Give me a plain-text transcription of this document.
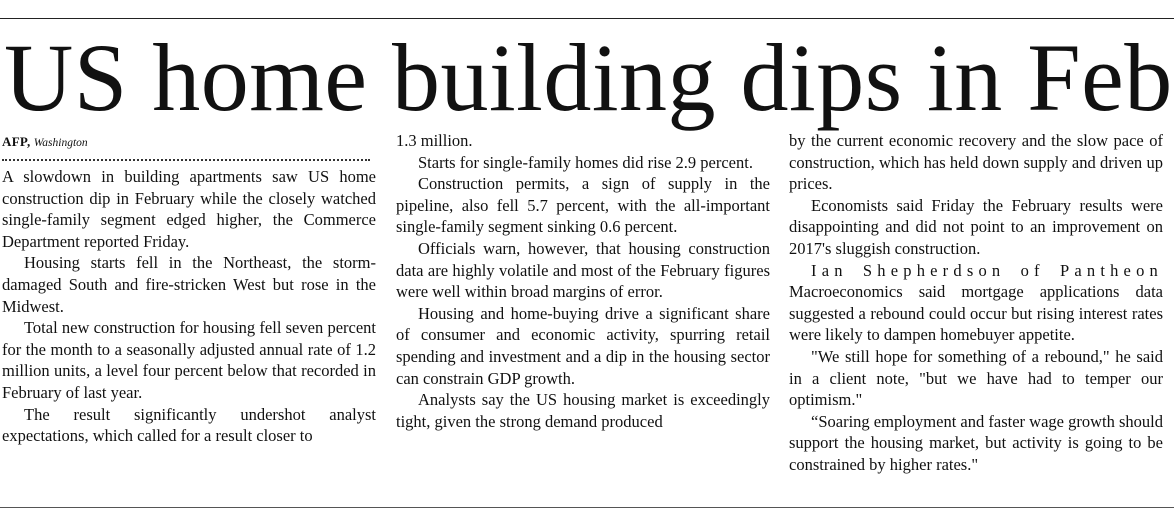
US home building dips in Feb
AFP, Washington

A slowdown in building apartments saw US home construction dip in February while the closely watched single-family segment edged higher, the Commerce Department reported Friday.

Housing starts fell in the Northeast, the storm-damaged South and fire-stricken West but rose in the Midwest.

Total new construction for housing fell seven percent for the month to a seasonally adjusted annual rate of 1.2 million units, a level four percent below that recorded in February of last year.

The result significantly undershot analyst expectations, which called for a result closer to

1.3 million.

Starts for single-family homes did rise 2.9 percent.

Construction permits, a sign of supply in the pipeline, also fell 5.7 percent, with the all-important single-family segment sinking 0.6 percent.

Officials warn, however, that housing construction data are highly volatile and most of the February figures were well within broad margins of error.

Housing and home-buying drive a significant share of consumer and economic activity, spurring retail spending and investment and a dip in the housing sector can constrain GDP growth.

Analysts say the US housing market is exceedingly tight, given the strong demand produced

by the current economic recovery and the slow pace of construction, which has held down supply and driven up prices.

Economists said Friday the February results were disappointing and did not point to an improvement on 2017's sluggish construction.

Ian Shepherdson of Pantheon

Macroeconomics said mortgage applications data suggested a rebound could occur but rising interest rates were likely to dampen homebuyer appetite.

"We still hope for something of a rebound," he said in a client note, "but we have had to temper our optimism."

“Soaring employment and faster wage growth should support the housing market, but activity is going to be constrained by higher rates."
